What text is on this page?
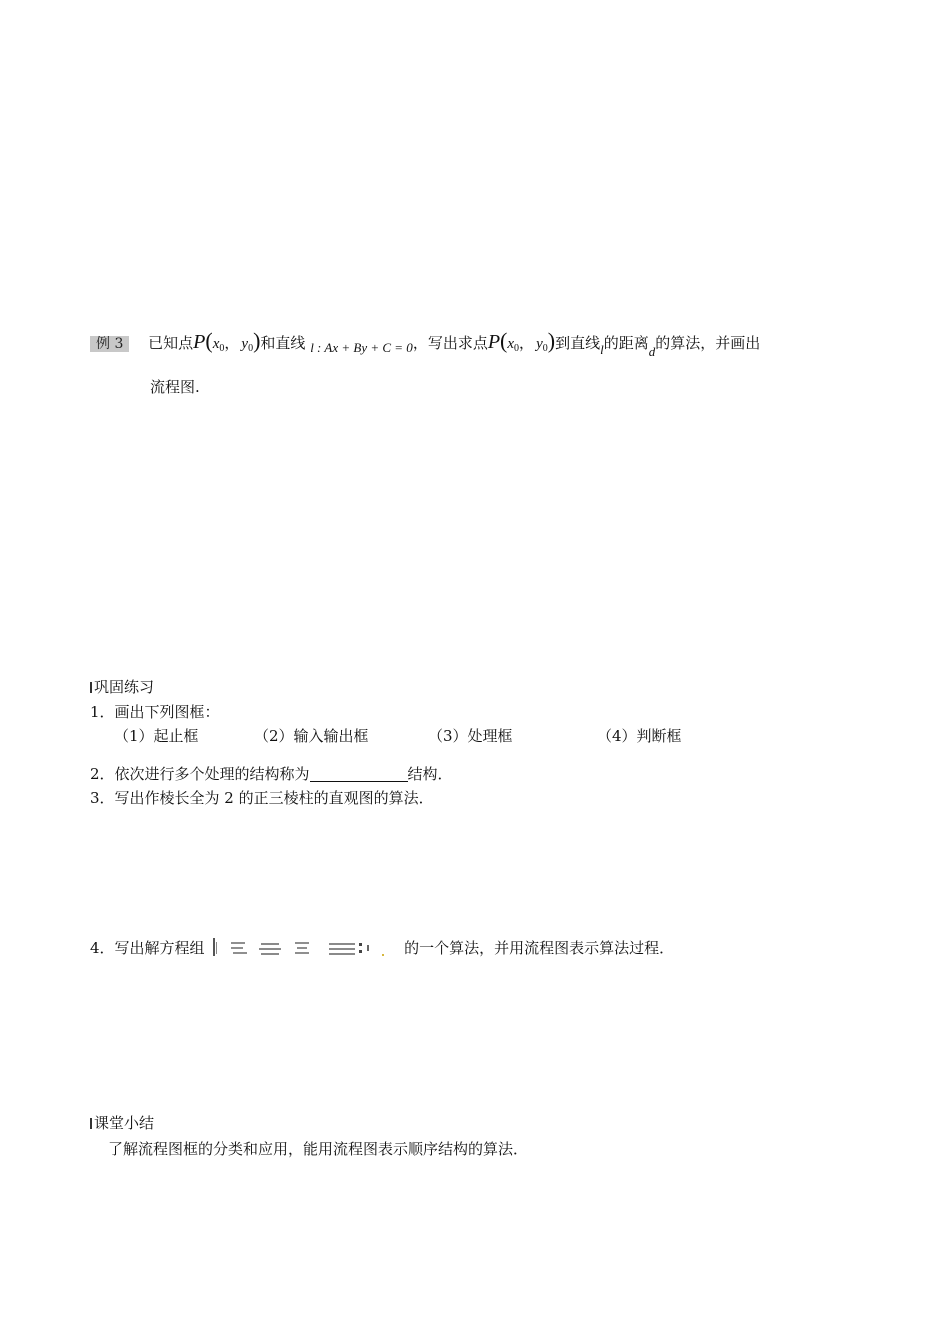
例 3 已知点$P(x_0$， $y_0$)和直线 l : Ax + By + C = 0，写出求点$P(x_0$， $y_0$)到直线l的距离d的算法，并画出
流程图.
巩固练习
1．画出下列图框：
（1）起止框	（2）输入输出框	（3）处理框	（4）判断框
2．依次进行多个处理的结构称为	结构．
3．写出作棱长全为 2 的正三棱柱的直观图的算法．
4．写出解方程组	的一个算法，并用流程图表示算法过程．
课堂小结
了解流程图框的分类和应用，能用流程图表示顺序结构的算法．
